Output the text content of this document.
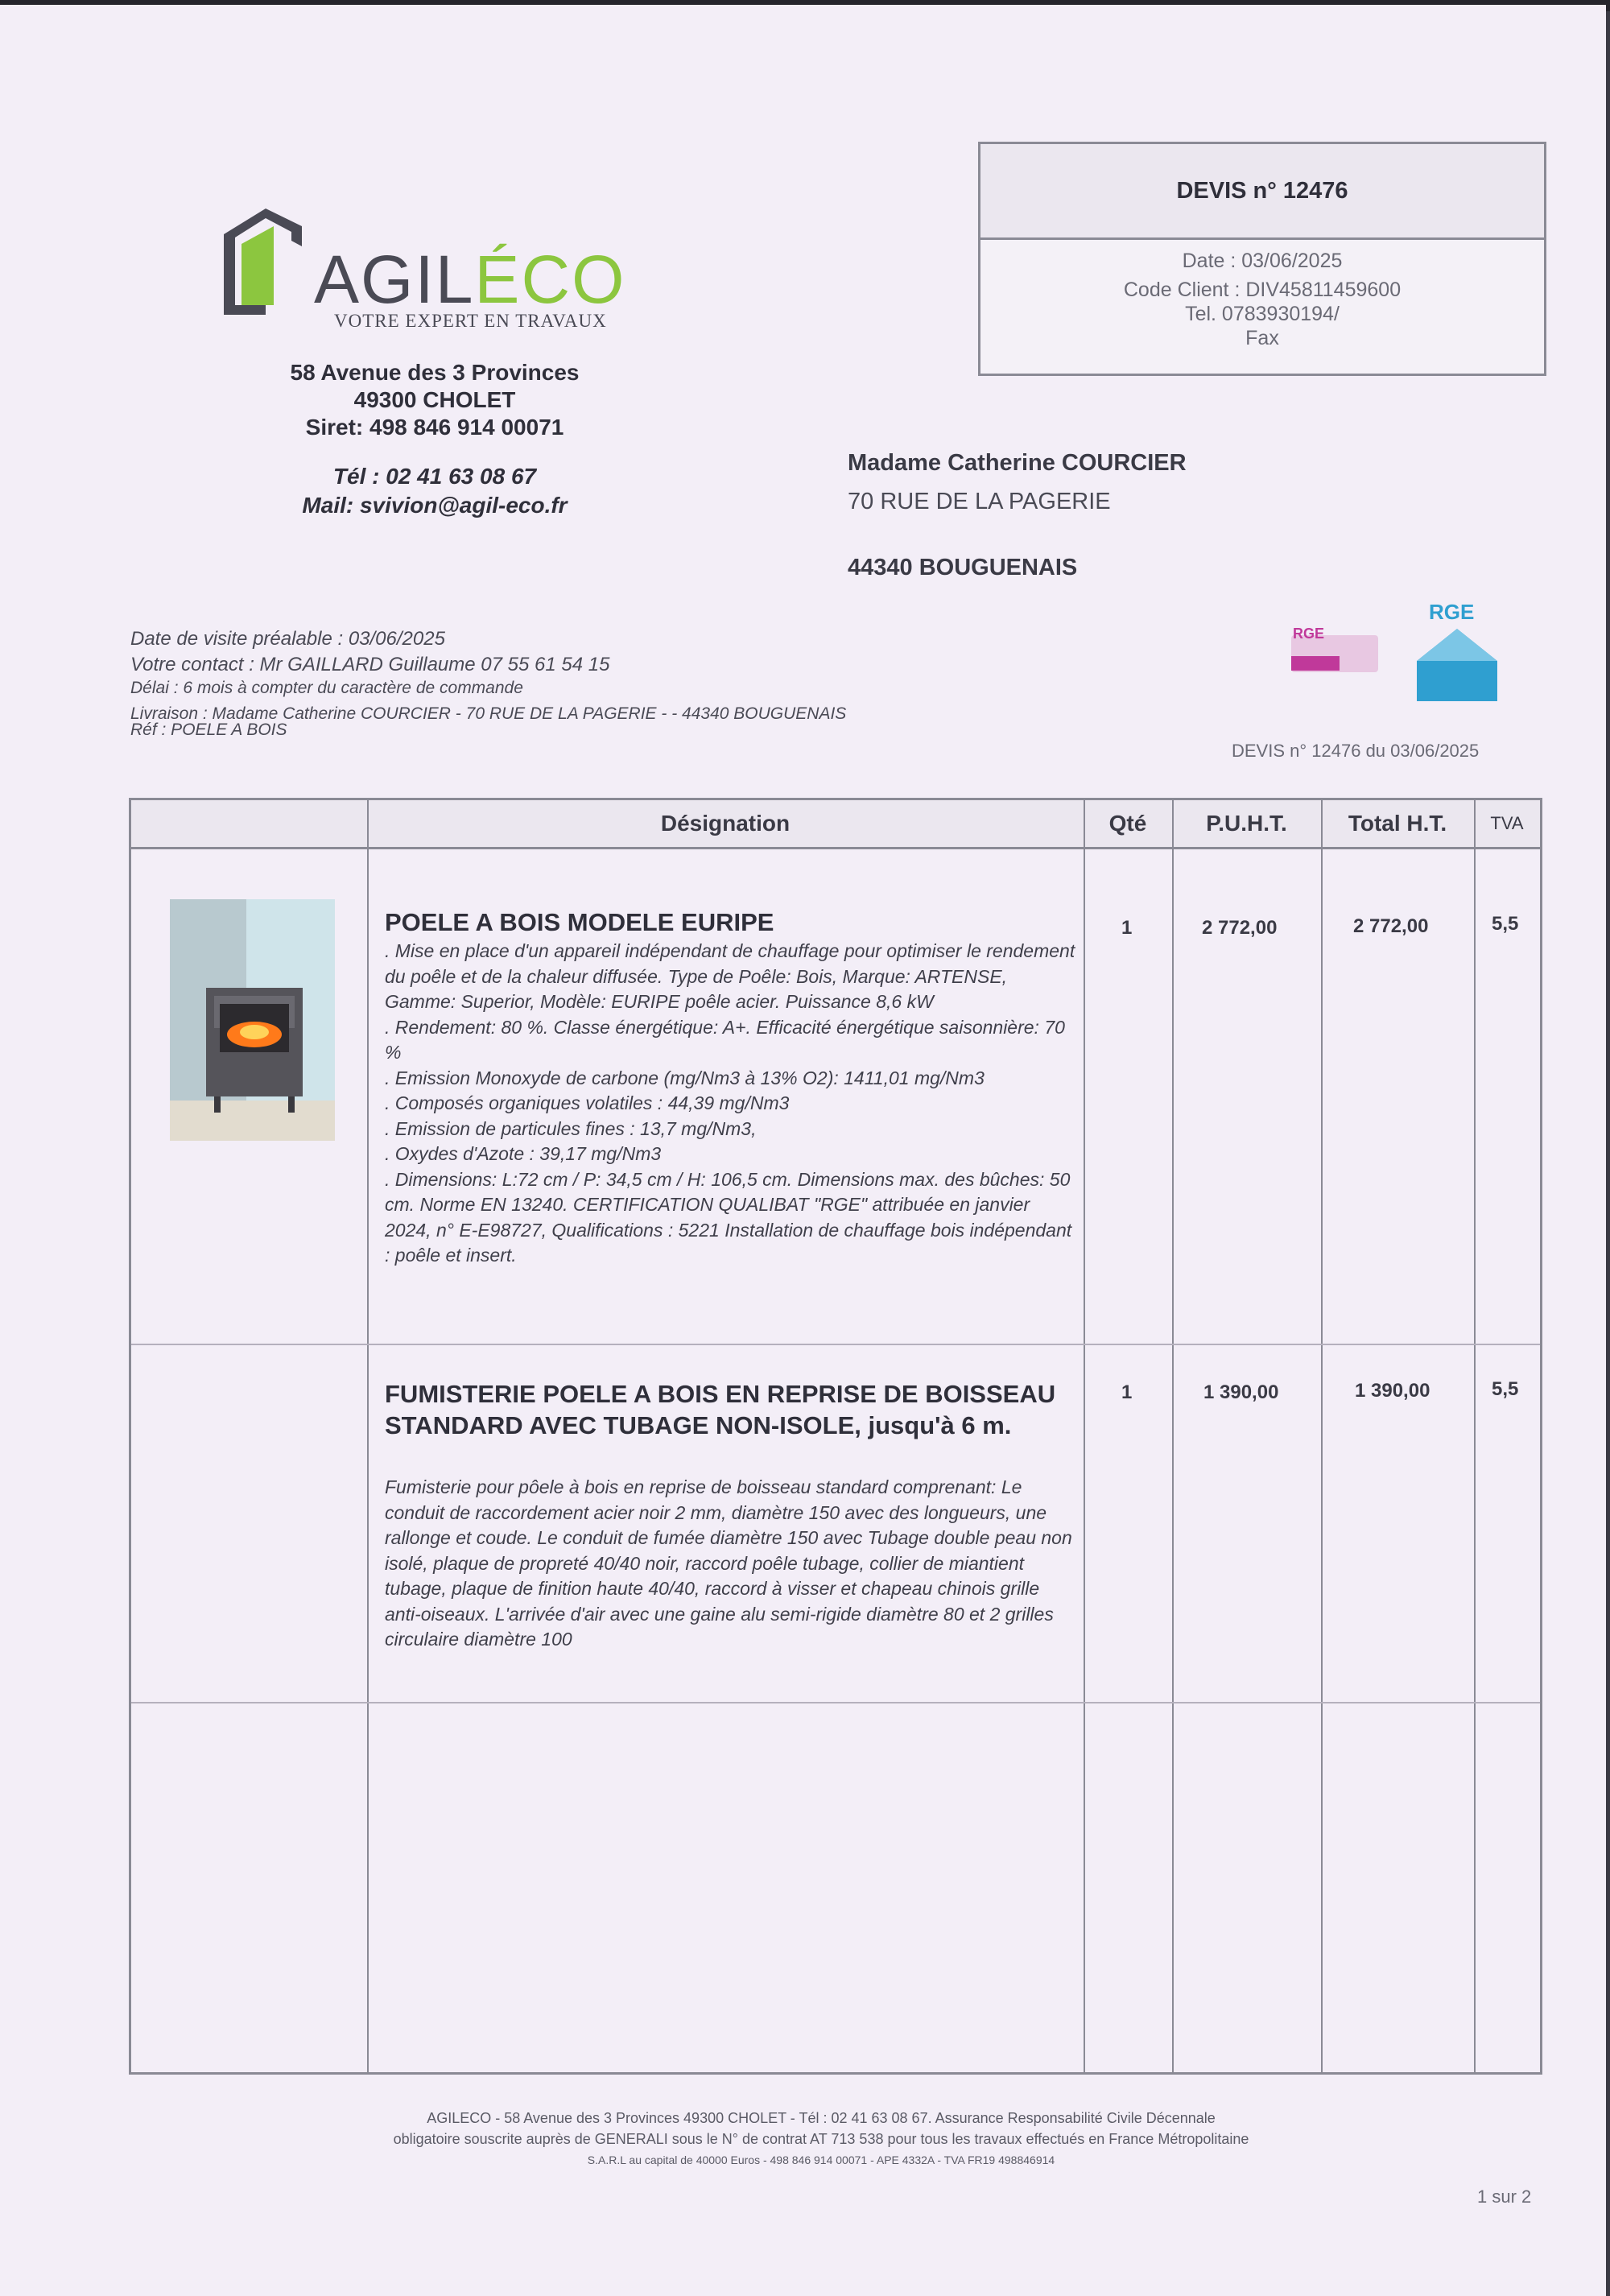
AGILÉCO
VOTRE EXPERT EN TRAVAUX
58 Avenue des 3 Provinces
49300 CHOLET
Siret: 498 846 914 00071
Tél : 02 41 63 08 67
Mail: svivion@agil-eco.fr
DEVIS n° 12476
Date : 03/06/2025
Code Client : DIV45811459600
Tel. 0783930194/
Fax
Madame Catherine COURCIER
70 RUE DE LA PAGERIE
44340 BOUGUENAIS
Date de visite préalable : 03/06/2025
Votre contact : Mr GAILLARD Guillaume 07 55 61 54 15
Délai : 6 mois à compter du caractère de commande
Livraison : Madame Catherine COURCIER - 70 RUE DE LA PAGERIE - - 44340 BOUGUENAIS
Réf : POELE A BOIS
RGE
RGE
DEVIS n° 12476 du 03/06/2025
Désignation	Qté	P.U.H.T.	Total H.T.	TVA
POELE A BOIS MODELE EURIPE
. Mise en place d'un appareil indépendant de chauffage pour optimiser le rendement du poêle et de la chaleur diffusée. Type de Poêle: Bois, Marque: ARTENSE, Gamme: Superior, Modèle: EURIPE poêle acier. Puissance 8,6 kW
. Rendement: 80 %. Classe énergétique: A+. Efficacité énergétique saisonnière: 70 %
. Emission Monoxyde de carbone (mg/Nm3 à 13% O2): 1411,01 mg/Nm3
. Composés organiques volatiles : 44,39 mg/Nm3
. Emission de particules fines : 13,7 mg/Nm3,
. Oxydes d'Azote : 39,17 mg/Nm3
. Dimensions: L:72 cm / P: 34,5 cm / H: 106,5 cm. Dimensions max. des bûches: 50 cm. Norme EN 13240. CERTIFICATION QUALIBAT "RGE" attribuée en janvier 2024, n° E-E98727, Qualifications : 5221 Installation de chauffage bois indépendant : poêle et insert.
1	2 772,00	2 772,00	5,5
FUMISTERIE POELE A BOIS EN REPRISE DE BOISSEAU STANDARD AVEC TUBAGE NON-ISOLE, jusqu'à 6 m.
Fumisterie pour pôele à bois en reprise de boisseau standard comprenant: Le conduit de raccordement acier noir 2 mm, diamètre 150 avec des longueurs, une rallonge et coude. Le conduit de fumée diamètre 150 avec Tubage double peau non isolé, plaque de propreté 40/40 noir, raccord poêle tubage, collier de miantient tubage, plaque de finition haute 40/40, raccord à visser et chapeau chinois grille anti-oiseaux. L'arrivée d'air avec une gaine alu semi-rigide diamètre 80 et 2 grilles circulaire diamètre 100
1	1 390,00	1 390,00	5,5
AGILECO - 58 Avenue des 3 Provinces 49300 CHOLET - Tél : 02 41 63 08 67. Assurance Responsabilité Civile Décennale
obligatoire souscrite auprès de GENERALI sous le N° de contrat AT 713 538 pour tous les travaux effectués en France Métropolitaine
S.A.R.L au capital de 40000 Euros - 498 846 914 00071 - APE 4332A - TVA FR19 498846914
1 sur 2
